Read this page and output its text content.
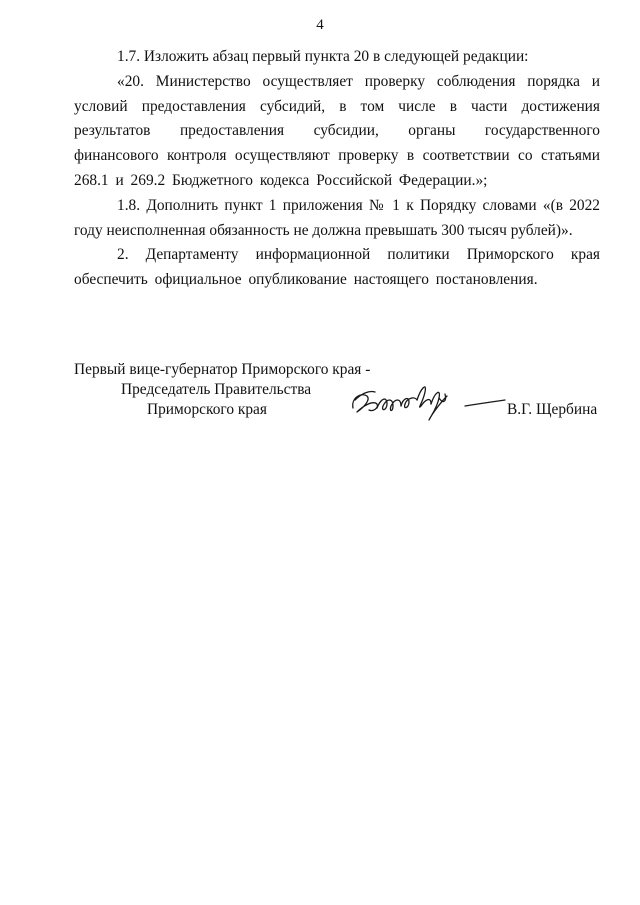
4

1.7. Изложить абзац первый пункта 20 в следующей редакции:

«20. Министерство осуществляет проверку соблюдения порядка и условий предоставления субсидий, в том числе в части достижения результатов предоставления субсидии, органы государственного финансового контроля осуществляют проверку в соответствии со статьями 268.1 и 269.2 Бюджетного кодекса Российской Федерации.»;

1.8. Дополнить пункт 1 приложения № 1 к Порядку словами «(в 2022 году неисполненная обязанность не должна превышать 300 тысяч рублей)».

2. Департаменту информационной политики Приморского края обеспечить официальное опубликование настоящего постановления.

Первый вице-губернатор Приморского края -
Председатель Правительства
Приморского края	В.Г. Щербина
